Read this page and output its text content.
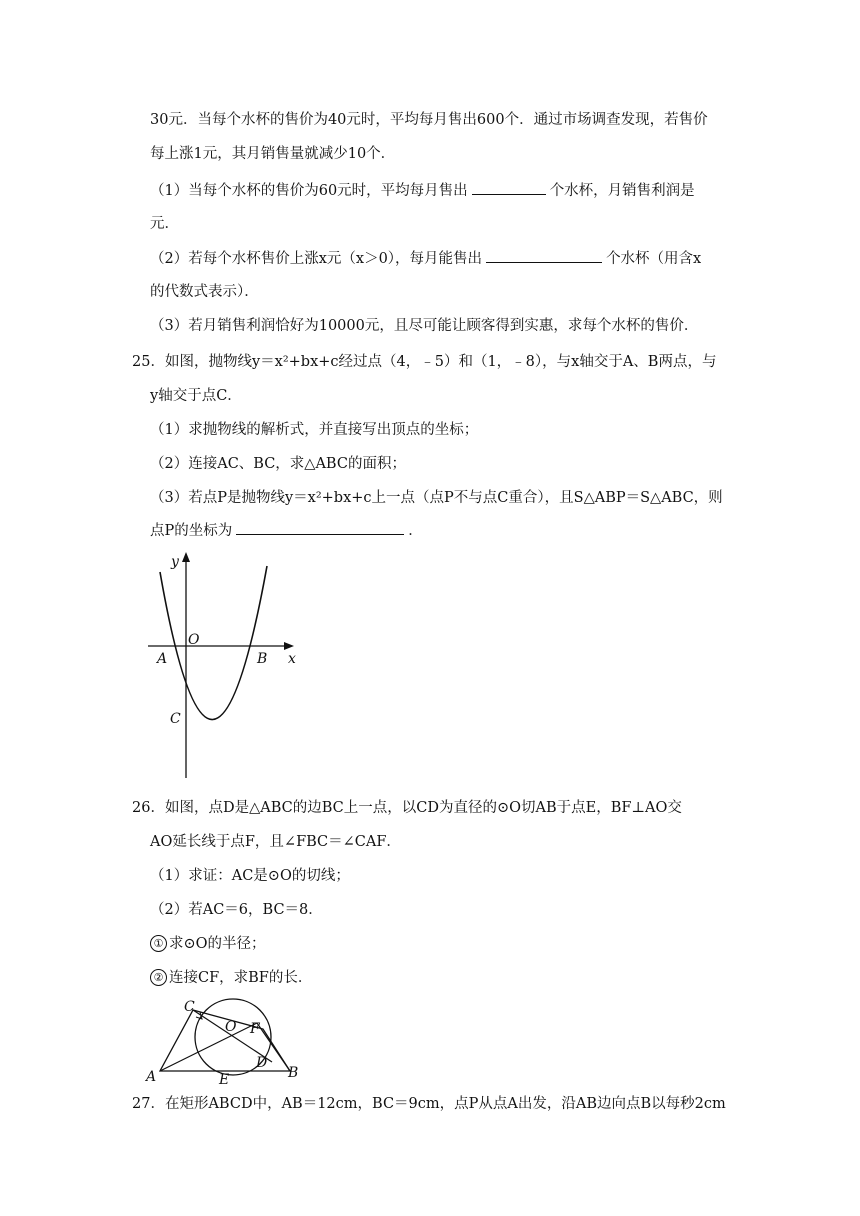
30元．当每个水杯的售价为40元时，平均每月售出600个．通过市场调查发现，若售价
每上涨1元，其月销售量就减少10个．
（1）当每个水杯的售价为60元时，平均每月售出	个水杯，月销售利润是
元．
（2）若每个水杯售价上涨x元（x＞0），每月能售出	个水杯（用含x
的代数式表示）．
（3）若月销售利润恰好为10000元，且尽可能让顾客得到实惠，求每个水杯的售价．
25．如图，抛物线y＝x²+bx+c经过点（4，﹣5）和（1，﹣8），与x轴交于A、B两点，与
y轴交于点C．
（1）求抛物线的解析式，并直接写出顶点的坐标；
（2）连接AC、BC，求△ABC的面积；
（3）若点P是抛物线y＝x²+bx+c上一点（点P不与点C重合），且S△ABP＝S△ABC，则
点P的坐标为	．
y
x
O
A	B
C
26．如图，点D是△ABC的边BC上一点，以CD为直径的⊙O切AB于点E，BF⊥AO交
AO延长线于点F，且∠FBC＝∠CAF．
（1）求证：AC是⊙O的切线；
（2）若AC＝6，BC＝8．
① 求⊙O的半径；
② 连接CF，求BF的长．
C
O F
D
A	E	B
27．在矩形ABCD中，AB＝12cm，BC＝9cm，点P从点A出发，沿AB边向点B以每秒2cm
